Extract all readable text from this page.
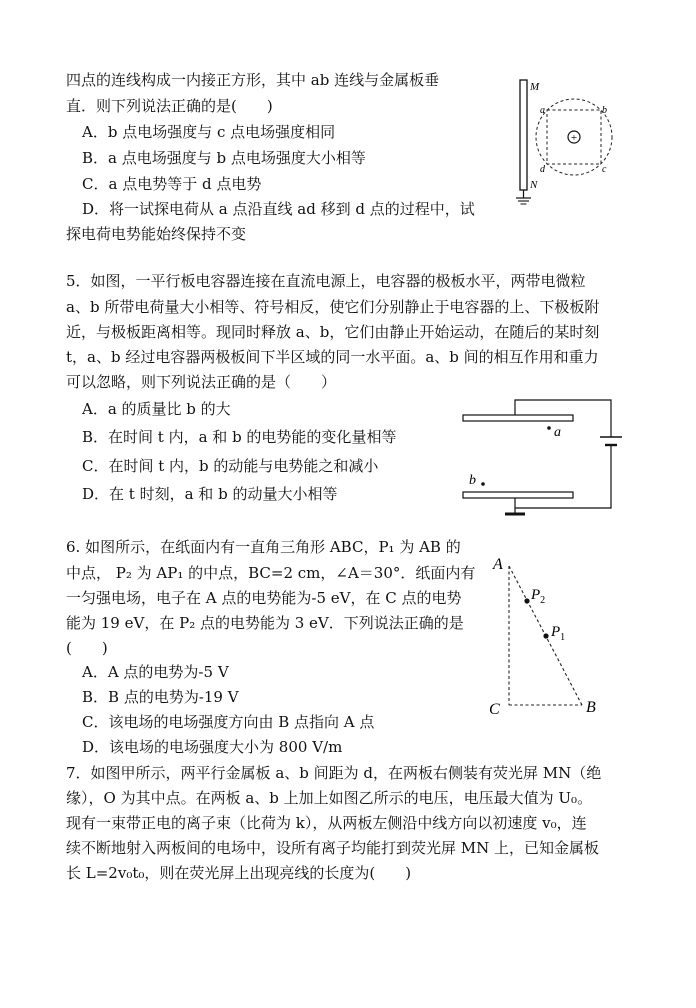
四点的连线构成一内接正方形，其中 ab 连线与金属板垂
直．则下列说法正确的是(　　)
A．b 点电场强度与 c 点电场强度相同
B．a 点电场强度与 b 点电场强度大小相等
C．a 点电势等于 d 点电势
D．将一试探电荷从 a 点沿直线 ad 移到 d 点的过程中，试
探电荷电势能始终保持不变
M
N
+
a	b
c
d
5．如图，一平行板电容器连接在直流电源上，电容器的极板水平，两带电微粒
a、b 所带电荷量大小相等、符号相反，使它们分别静止于电容器的上、下极板附
近，与极板距离相等。现同时释放 a、b，它们由静止开始运动，在随后的某时刻
t，a、b 经过电容器两极板间下半区域的同一水平面。a、b 间的相互作用和重力
可以忽略，则下列说法正确的是（　　）
A．a 的质量比 b 的大
B．在时间 t 内，a 和 b 的电势能的变化量相等
C．在时间 t 内，b 的动能与电势能之和减小
D．在 t 时刻，a 和 b 的动量大小相等
a
b
6. 如图所示，在纸面内有一直角三角形 ABC，P₁ 为 AB 的
中点， P₂ 为 AP₁ 的中点，BC=2 cm，∠A＝30°．纸面内有
一匀强电场，电子在 A 点的电势能为-5 eV，在 C 点的电势
能为 19 eV，在 P₂ 点的电势能为 3 eV．下列说法正确的是
(　　)
A．A 点的电势为-5 V
B．B 点的电势为-19 V
C．该电场的电场强度方向由 B 点指向 A 点
D．该电场的电场强度大小为 800 V/m
A
C	B
$P_2$
$P_1$
7．如图甲所示，两平行金属板 a、b 间距为 d，在两板右侧装有荧光屏 MN（绝
缘），O 为其中点。在两板 a、b 上加上如图乙所示的电压，电压最大值为 U₀。
现有一束带正电的离子束（比荷为 k），从两板左侧沿中线方向以初速度 v₀，连
续不断地射入两板间的电场中，设所有离子均能打到荧光屏 MN 上，已知金属板
长 L=2v₀t₀，则在荧光屏上出现亮线的长度为(　　)
